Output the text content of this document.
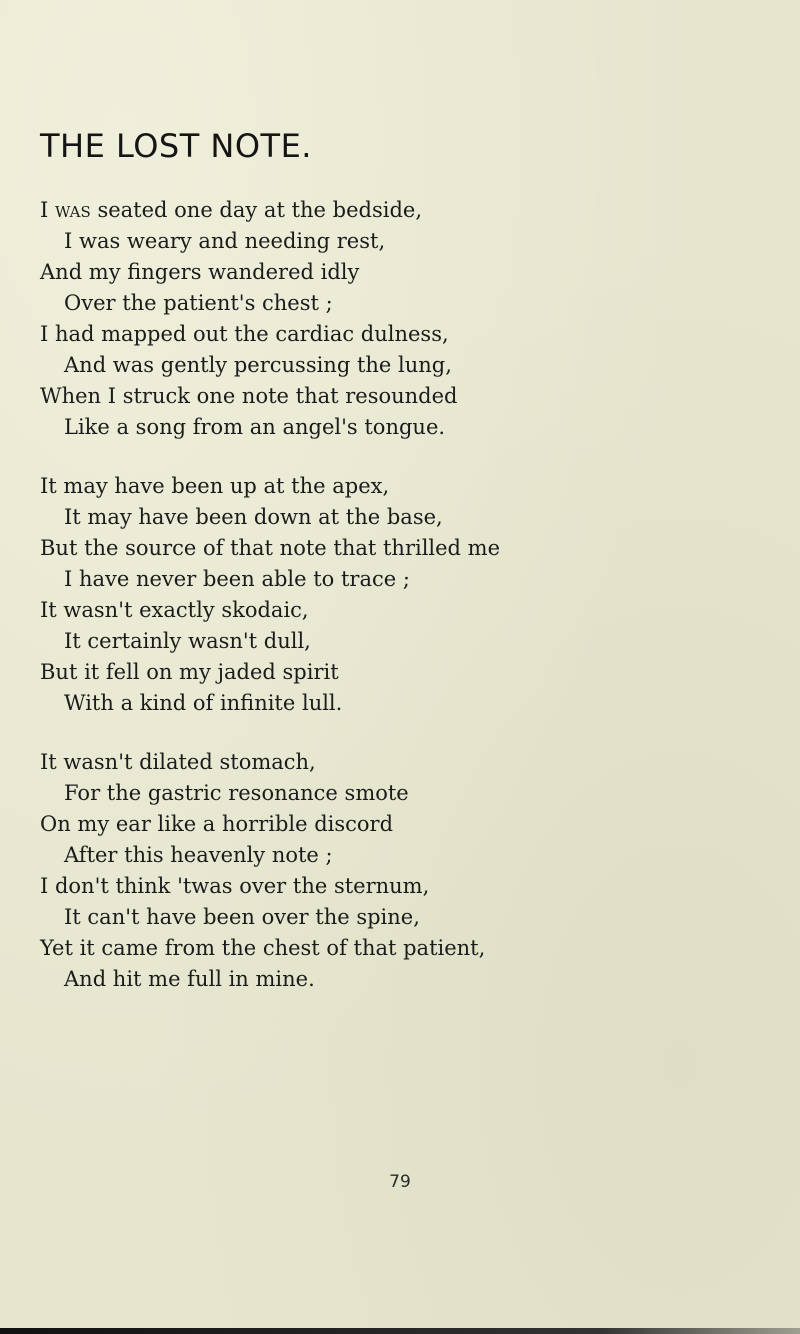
THE LOST NOTE.
I was seated one day at the bedside,
I was weary and needing rest,
And my fingers wandered idly
Over the patient's chest ;
I had mapped out the cardiac dulness,
And was gently percussing the lung,
When I struck one note that resounded
Like a song from an angel's tongue.
It may have been up at the apex,
It may have been down at the base,
But the source of that note that thrilled me
I have never been able to trace ;
It wasn't exactly skodaic,
It certainly wasn't dull,
But it fell on my jaded spirit
With a kind of infinite lull.
It wasn't dilated stomach,
For the gastric resonance smote
On my ear like a horrible discord
After this heavenly note ;
I don't think 'twas over the sternum,
It can't have been over the spine,
Yet it came from the chest of that patient,
And hit me full in mine.
79
